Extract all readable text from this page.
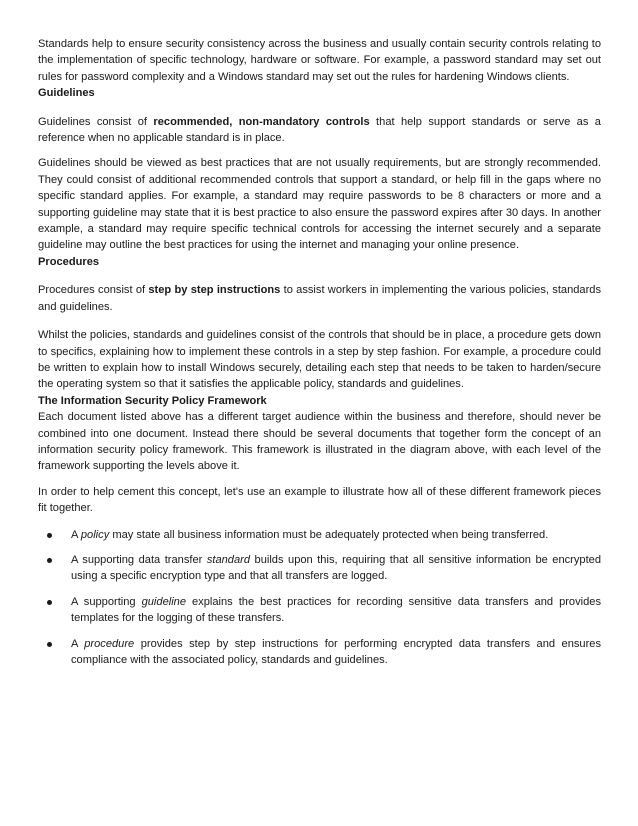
Standards help to ensure security consistency across the business and usually contain security controls relating to the implementation of specific technology, hardware or software. For example, a password standard may set out rules for password complexity and a Windows standard may set out the rules for hardening Windows clients.

Guidelines

Guidelines consist of recommended, non-mandatory controls that help support standards or serve as a reference when no applicable standard is in place.

Guidelines should be viewed as best practices that are not usually requirements, but are strongly recommended. They could consist of additional recommended controls that support a standard, or help fill in the gaps where no specific standard applies. For example, a standard may require passwords to be 8 characters or more and a supporting guideline may state that it is best practice to also ensure the password expires after 30 days. In another example, a standard may require specific technical controls for accessing the internet securely and a separate guideline may outline the best practices for using the internet and managing your online presence.

Procedures

Procedures consist of step by step instructions to assist workers in implementing the various policies, standards and guidelines.

Whilst the policies, standards and guidelines consist of the controls that should be in place, a procedure gets down to specifics, explaining how to implement these controls in a step by step fashion. For example, a procedure could be written to explain how to install Windows securely, detailing each step that needs to be taken to harden/secure the operating system so that it satisfies the applicable policy, standards and guidelines.

The Information Security Policy Framework

Each document listed above has a different target audience within the business and therefore, should never be combined into one document. Instead there should be several documents that together form the concept of an information security policy framework. This framework is illustrated in the diagram above, with each level of the framework supporting the levels above it.

In order to help cement this concept, let's use an example to illustrate how all of these different framework pieces fit together.

A policy may state all business information must be adequately protected when being transferred.
A supporting data transfer standard builds upon this, requiring that all sensitive information be encrypted using a specific encryption type and that all transfers are logged.
A supporting guideline explains the best practices for recording sensitive data transfers and provides templates for the logging of these transfers.
A procedure provides step by step instructions for performing encrypted data transfers and ensures compliance with the associated policy, standards and guidelines.
